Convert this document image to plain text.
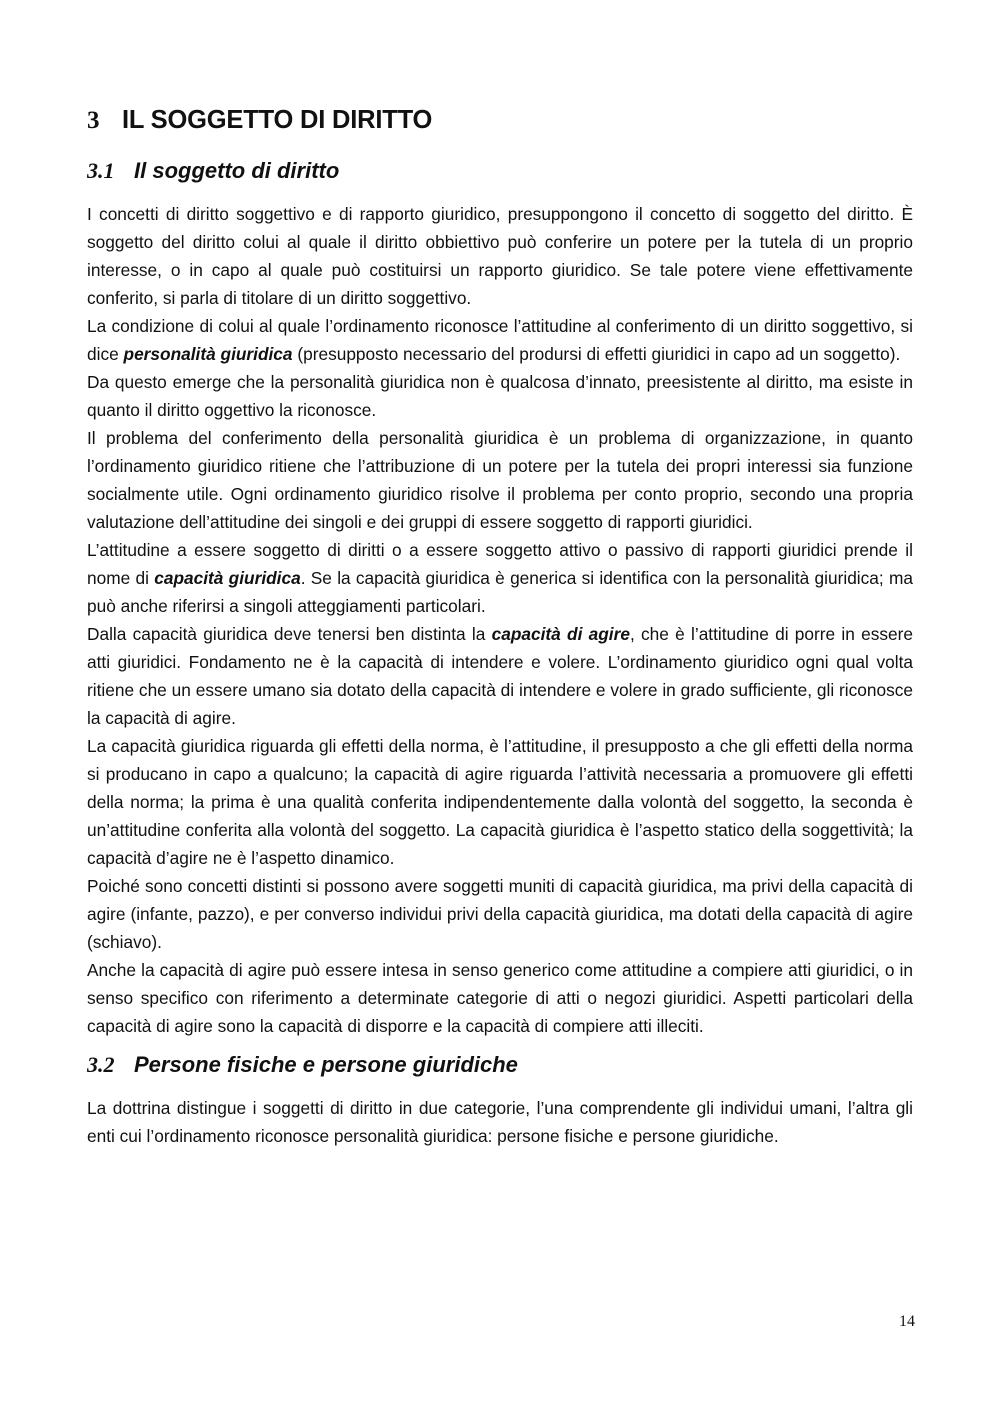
3 IL SOGGETTO DI DIRITTO
3.1 Il soggetto di diritto

I concetti di diritto soggettivo e di rapporto giuridico, presuppongono il concetto di soggetto del diritto. È soggetto del diritto colui al quale il diritto obbiettivo può conferire un potere per la tutela di un proprio interesse, o in capo al quale può costituirsi un rapporto giuridico. Se tale potere viene effettivamente conferito, si parla di titolare di un diritto soggettivo.

La condizione di colui al quale l’ordinamento riconosce l’attitudine al conferimento di un diritto soggettivo, si dice personalità giuridica (presupposto necessario del prodursi di effetti giuridici in capo ad un soggetto).

Da questo emerge che la personalità giuridica non è qualcosa d’innato, preesistente al diritto, ma esiste in quanto il diritto oggettivo la riconosce.

Il problema del conferimento della personalità giuridica è un problema di organizzazione, in quanto l’ordinamento giuridico ritiene che l’attribuzione di un potere per la tutela dei propri interessi sia funzione socialmente utile. Ogni ordinamento giuridico risolve il problema per conto proprio, secondo una propria valutazione dell’attitudine dei singoli e dei gruppi di essere soggetto di rapporti giuridici.

L’attitudine a essere soggetto di diritti o a essere soggetto attivo o passivo di rapporti giuridici prende il nome di capacità giuridica. Se la capacità giuridica è generica si identifica con la personalità giuridica; ma può anche riferirsi a singoli atteggiamenti particolari.

Dalla capacità giuridica deve tenersi ben distinta la capacità di agire, che è l’attitudine di porre in essere atti giuridici. Fondamento ne è la capacità di intendere e volere. L’ordinamento giuridico ogni qual volta ritiene che un essere umano sia dotato della capacità di intendere e volere in grado sufficiente, gli riconosce la capacità di agire.

La capacità giuridica riguarda gli effetti della norma, è l’attitudine, il presupposto a che gli effetti della norma si producano in capo a qualcuno; la capacità di agire riguarda l’attività necessaria a promuovere gli effetti della norma; la prima è una qualità conferita indipendentemente dalla volontà del soggetto, la seconda è un’attitudine conferita alla volontà del soggetto. La capacità giuridica è l’aspetto statico della soggettività; la capacità d’agire ne è l’aspetto dinamico.

Poiché sono concetti distinti si possono avere soggetti muniti di capacità giuridica, ma privi della capacità di agire (infante, pazzo), e per converso individui privi della capacità giuridica, ma dotati della capacità di agire (schiavo).

Anche la capacità di agire può essere intesa in senso generico come attitudine a compiere atti giuridici, o in senso specifico con riferimento a determinate categorie di atti o negozi giuridici. Aspetti particolari della capacità di agire sono la capacità di disporre e la capacità di compiere atti illeciti.

3.2 Persone fisiche e persone giuridiche

La dottrina distingue i soggetti di diritto in due categorie, l’una comprendente gli individui umani, l’altra gli enti cui l’ordinamento riconosce personalità giuridica: persone fisiche e persone giuridiche.

14
